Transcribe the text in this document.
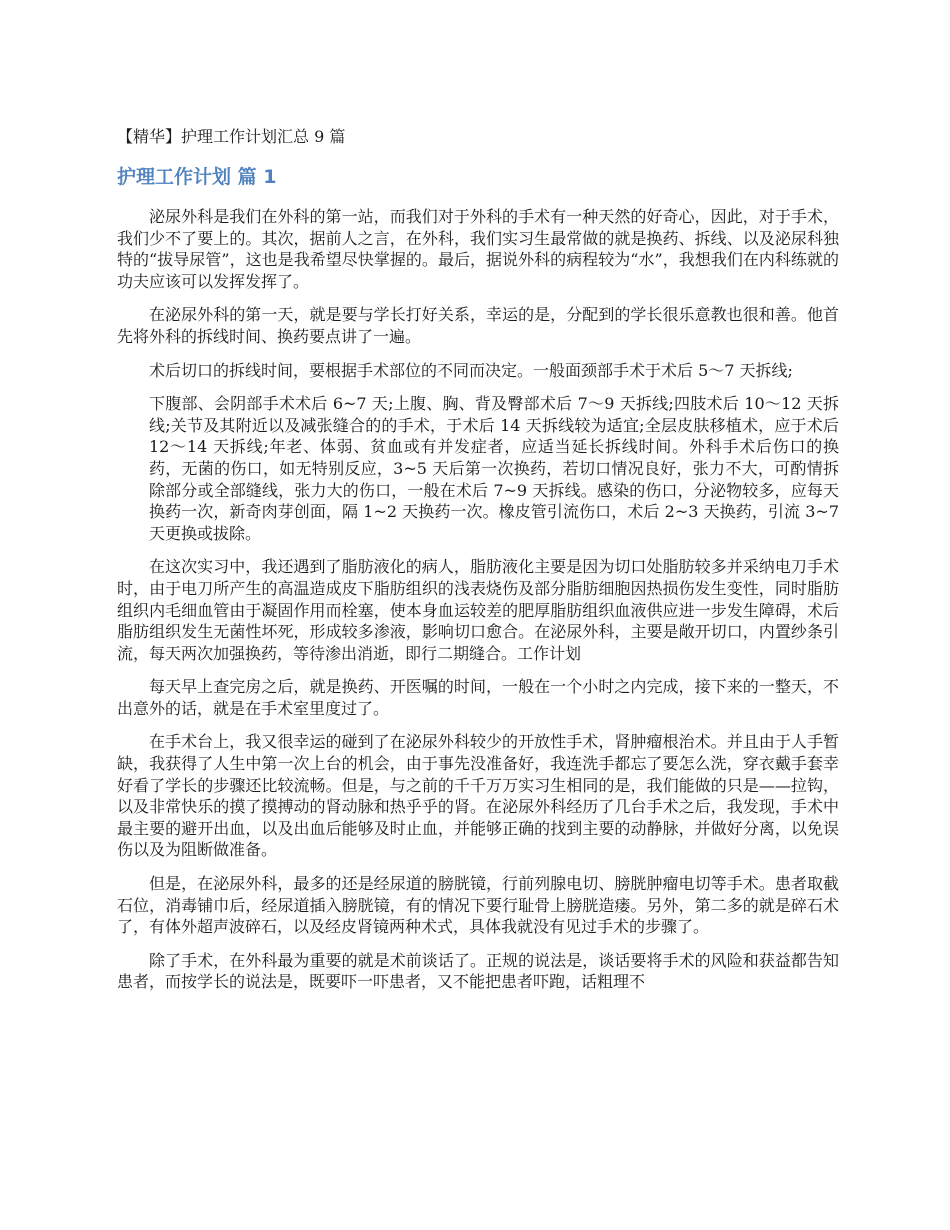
【精华】护理工作计划汇总 9 篇
护理工作计划 篇 1

泌尿外科是我们在外科的第一站，而我们对于外科的手术有一种天然的好奇心，因此，对于手术，我们少不了要上的。其次，据前人之言，在外科，我们实习生最常做的就是换药、拆线、以及泌尿科独特的“拔导尿管”，这也是我希望尽快掌握的。最后，据说外科的病程较为“水”，我想我们在内科练就的功夫应该可以发挥发挥了。

在泌尿外科的第一天，就是要与学长打好关系，幸运的是，分配到的学长很乐意教也很和善。他首先将外科的拆线时间、换药要点讲了一遍。

术后切口的拆线时间，要根据手术部位的不同而决定。一般面颈部手术于术后 5～7 天拆线;

下腹部、会阴部手术术后 6~7 天;上腹、胸、背及臀部术后 7～9 天拆线;四肢术后 10～12 天拆线;关节及其附近以及减张缝合的的手术，于术后 14 天拆线较为适宜;全层皮肤移植术，应于术后 12～14 天拆线;年老、体弱、贫血或有并发症者，应适当延长拆线时间。外科手术后伤口的换药，无菌的伤口，如无特别反应，3~5 天后第一次换药，若切口情况良好，张力不大，可酌情拆除部分或全部缝线，张力大的伤口，一般在术后 7~9 天拆线。感染的伤口，分泌物较多，应每天换药一次，新奇肉芽创面，隔 1~2 天换药一次。橡皮管引流伤口，术后 2~3 天换药，引流 3~7 天更换或拔除。

在这次实习中，我还遇到了脂肪液化的病人，脂肪液化主要是因为切口处脂肪较多并采纳电刀手术时，由于电刀所产生的高温造成皮下脂肪组织的浅表烧伤及部分脂肪细胞因热损伤发生变性，同时脂肪组织内毛细血管由于凝固作用而栓塞，使本身血运较差的肥厚脂肪组织血液供应进一步发生障碍，术后脂肪组织发生无菌性坏死，形成较多渗液，影响切口愈合。在泌尿外科，主要是敞开切口，内置纱条引流，每天两次加强换药，等待渗出消逝，即行二期缝合。工作计划

每天早上查完房之后，就是换药、开医嘱的时间，一般在一个小时之内完成，接下来的一整天，不出意外的话，就是在手术室里度过了。

在手术台上，我又很幸运的碰到了在泌尿外科较少的开放性手术，肾肿瘤根治术。并且由于人手暂缺，我获得了人生中第一次上台的机会，由于事先没准备好，我连洗手都忘了要怎么洗，穿衣戴手套幸好看了学长的步骤还比较流畅。但是，与之前的千千万万实习生相同的是，我们能做的只是——拉钩，以及非常快乐的摸了摸搏动的肾动脉和热乎乎的肾。在泌尿外科经历了几台手术之后，我发现，手术中最主要的避开出血，以及出血后能够及时止血，并能够正确的找到主要的动静脉，并做好分离，以免误伤以及为阻断做准备。

但是，在泌尿外科，最多的还是经尿道的膀胱镜，行前列腺电切、膀胱肿瘤电切等手术。患者取截石位，消毒铺巾后，经尿道插入膀胱镜，有的情况下要行耻骨上膀胱造瘘。另外，第二多的就是碎石术了，有体外超声波碎石，以及经皮肾镜两种术式，具体我就没有见过手术的步骤了。

除了手术，在外科最为重要的就是术前谈话了。正规的说法是，谈话要将手术的风险和获益都告知患者，而按学长的说法是，既要吓一吓患者，又不能把患者吓跑，话粗理不
